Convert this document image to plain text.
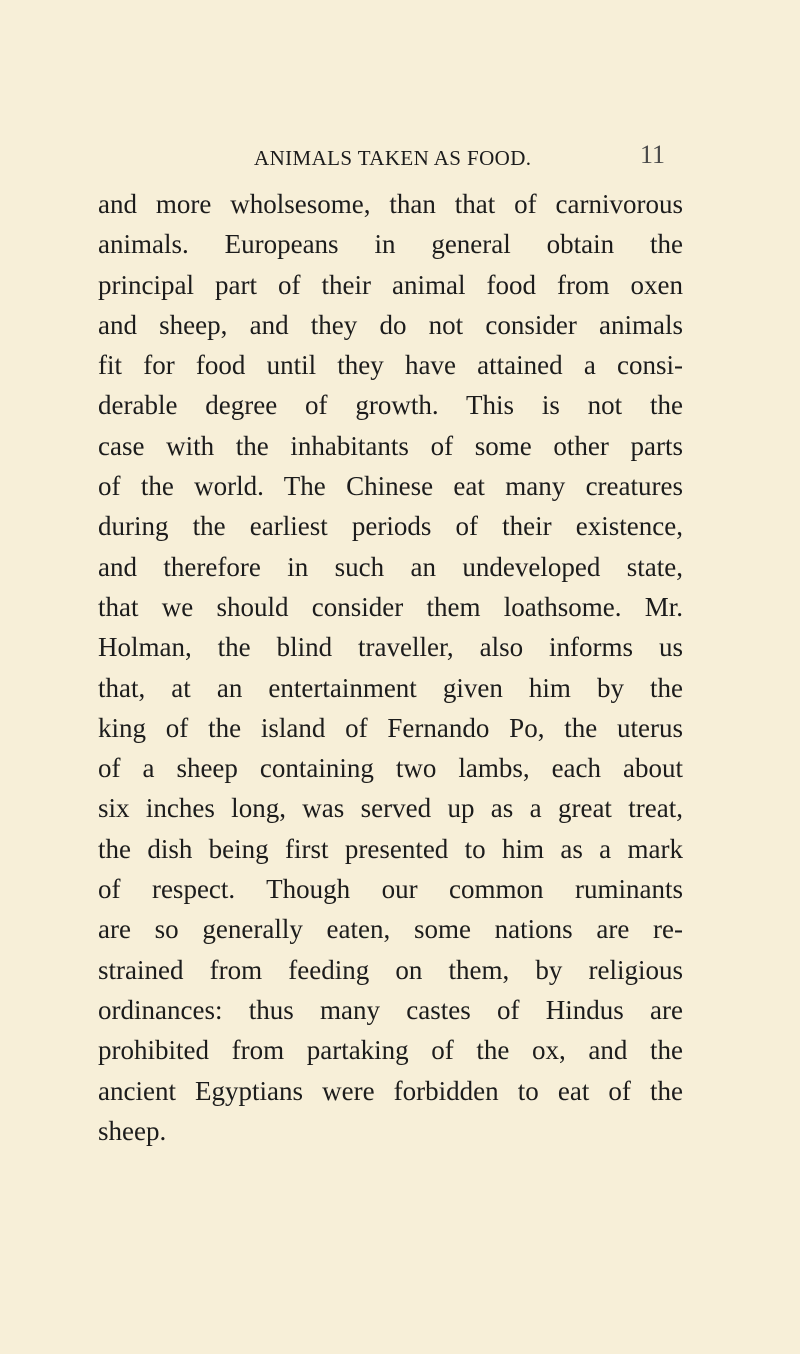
ANIMALS TAKEN AS FOOD.	11
and more wholsesome, than that of carnivorous
animals. Europeans in general obtain the
principal part of their animal food from oxen
and sheep, and they do not consider animals
fit for food until they have attained a consi-
derable degree of growth. This is not the
case with the inhabitants of some other parts
of the world. The Chinese eat many creatures
during the earliest periods of their existence,
and therefore in such an undeveloped state,
that we should consider them loathsome. Mr.
Holman, the blind traveller, also informs us
that, at an entertainment given him by the
king of the island of Fernando Po, the uterus
of a sheep containing two lambs, each about
six inches long, was served up as a great treat,
the dish being first presented to him as a mark
of respect. Though our common ruminants
are so generally eaten, some nations are re-
strained from feeding on them, by religious
ordinances: thus many castes of Hindus are
prohibited from partaking of the ox, and the
ancient Egyptians were forbidden to eat of the
sheep.
